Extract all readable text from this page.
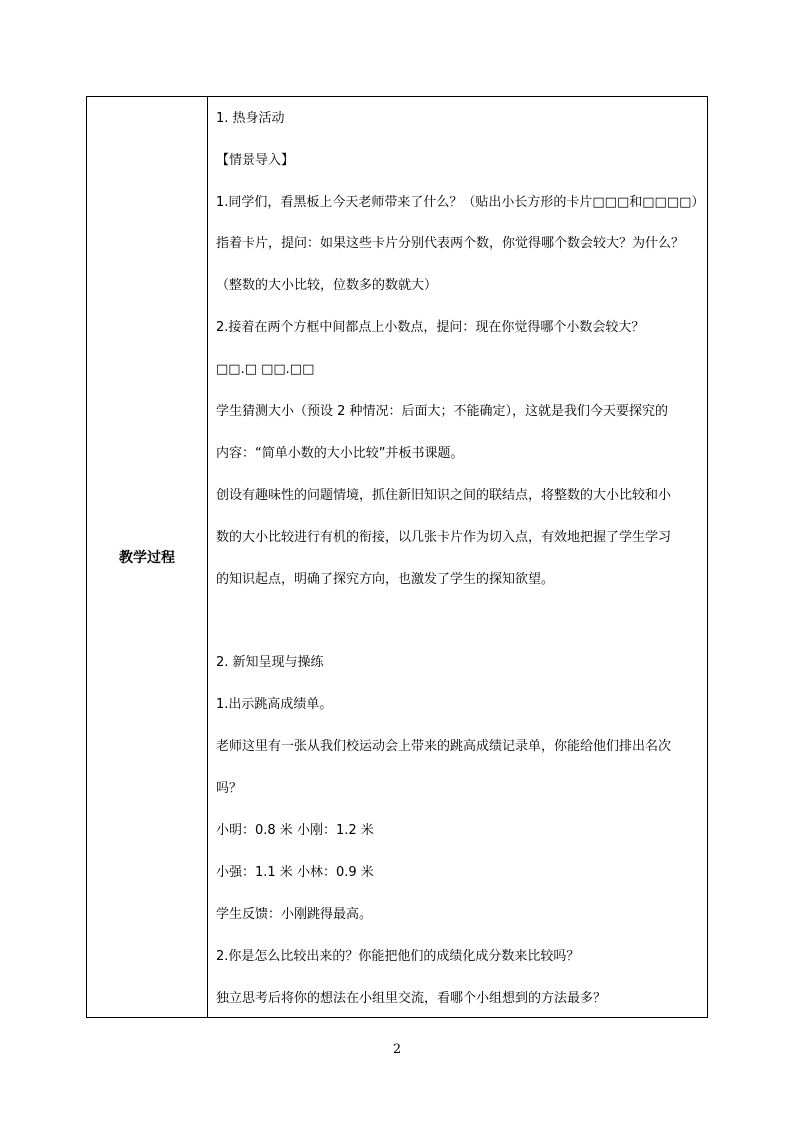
教学过程
1. 热身活动
【情景导入】
1.同学们，看黑板上今天老师带来了什么？（贴出小长方形的卡片□□□和□□□□）
指着卡片，提问：如果这些卡片分别代表两个数，你觉得哪个数会较大？为什么？
（整数的大小比较，位数多的数就大）
2.接着在两个方框中间都点上小数点，提问：现在你觉得哪个小数会较大？
□□.□ □□.□□
学生猜测大小（预设 2 种情况：后面大；不能确定），这就是我们今天要探究的
内容：“简单小数的大小比较”并板书课题。
创设有趣味性的问题情境，抓住新旧知识之间的联结点，将整数的大小比较和小
数的大小比较进行有机的衔接，以几张卡片作为切入点，有效地把握了学生学习
的知识起点，明确了探究方向，也激发了学生的探知欲望。
2. 新知呈现与操练
1.出示跳高成绩单。
老师这里有一张从我们校运动会上带来的跳高成绩记录单，你能给他们排出名次
吗？
小明：0.8 米 小刚：1.2 米
小强：1.1 米 小林：0.9 米
学生反馈：小刚跳得最高。
2.你是怎么比较出来的？你能把他们的成绩化成分数来比较吗？
独立思考后将你的想法在小组里交流，看哪个小组想到的方法最多？
2
